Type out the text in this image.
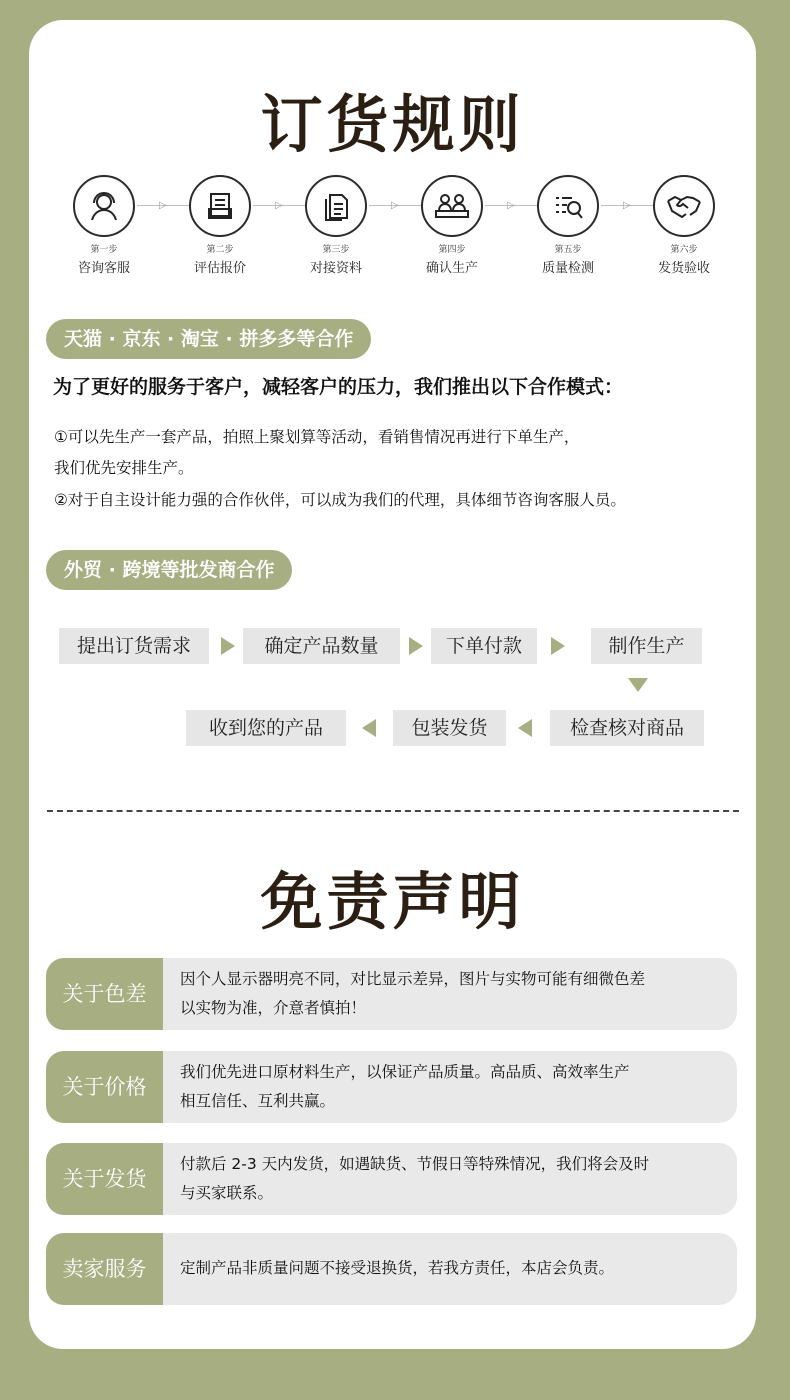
订货规则
▷	▷	▷	▷	▷
第一步
咨询客服
第二步
评估报价
第三步
对接资料
第四步
确认生产
第五步
质量检测
第六步
发货验收
天猫 · 京东 · 淘宝 · 拼多多等合作
为了更好的服务于客户，减轻客户的压力，我们推出以下合作模式：
①可以先生产一套产品，拍照上聚划算等活动，看销售情况再进行下单生产，
我们优先安排生产。
②对于自主设计能力强的合作伙伴，可以成为我们的代理，具体细节咨询客服人员。
外贸 · 跨境等批发商合作
提出订货需求	确定产品数量	下单付款	制作生产
检查核对商品
包装发货
收到您的产品
免责声明
关于色差
因个人显示器明亮不同，对比显示差异，图片与实物可能有细微色差
以实物为准，介意者慎拍！
关于价格
我们优先进口原材料生产，以保证产品质量。高品质、高效率生产
相互信任、互利共赢。
关于发货
付款后 2-3 天内发货，如遇缺货、节假日等特殊情况，我们将会及时
与买家联系。
卖家服务	定制产品非质量问题不接受退换货，若我方责任，本店会负责。
